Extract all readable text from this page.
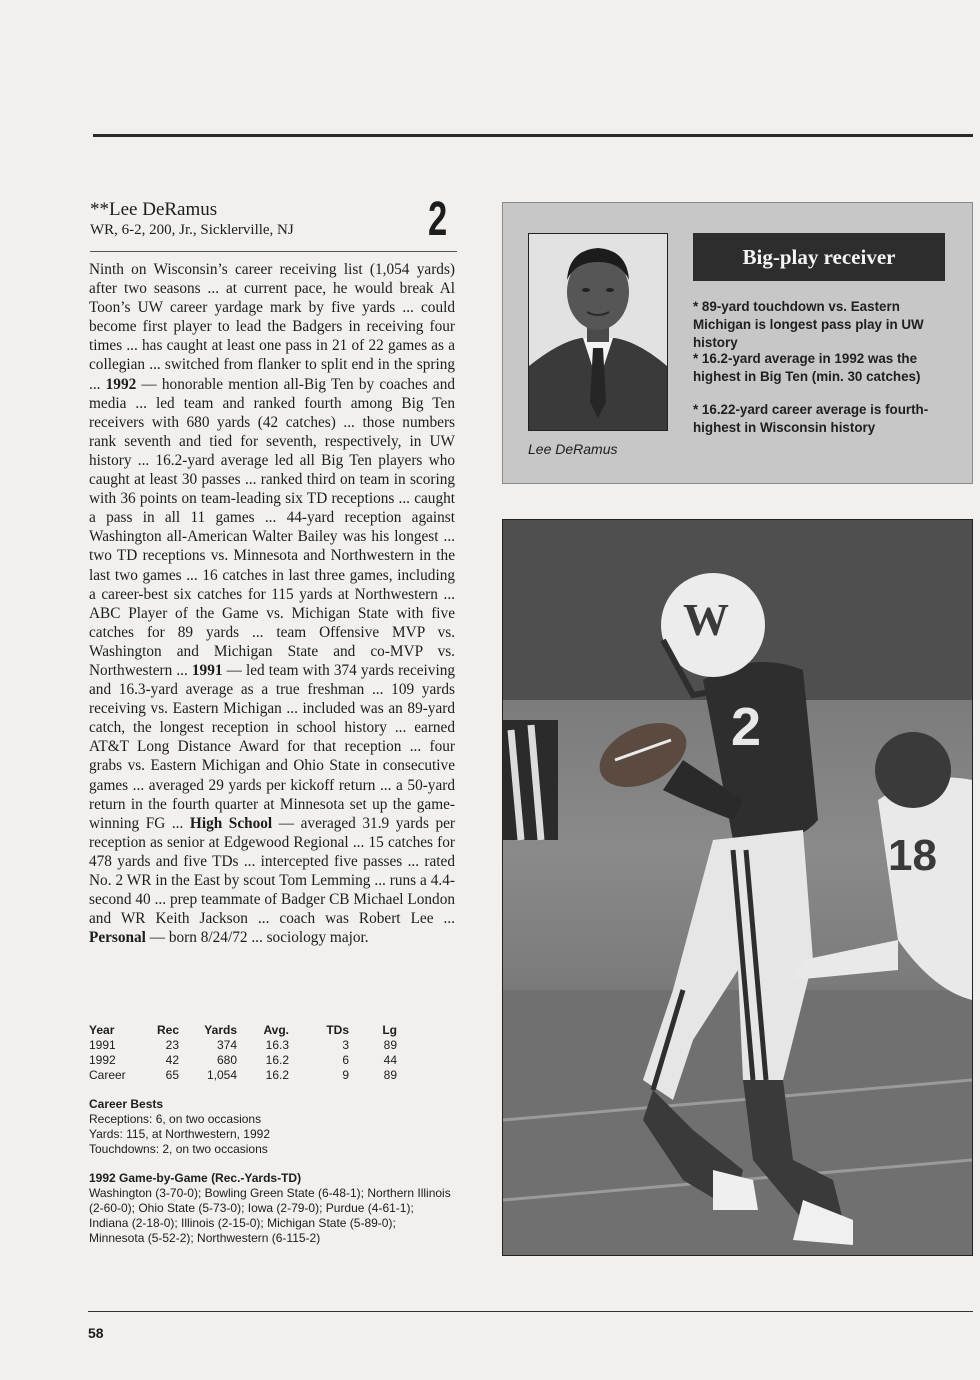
**Lee DeRamus
WR, 6-2, 200, Jr., Sicklerville, NJ	2

Ninth on Wisconsin’s career receiving list (1,054 yards) after two seasons ... at current pace, he would break Al Toon’s UW career yardage mark by five yards ... could become first player to lead the Badgers in receiving four times ... has caught at least one pass in 21 of 22 games as a collegian ... switched from flanker to split end in the spring ... 1992 — honorable mention all-Big Ten by coaches and media ... led team and ranked fourth among Big Ten receivers with 680 yards (42 catches) ... those numbers rank seventh and tied for seventh, respectively, in UW history ... 16.2-yard average led all Big Ten players who caught at least 30 passes ... ranked third on team in scoring with 36 points on team-leading six TD receptions ... caught a pass in all 11 games ... 44-yard reception against Washington all-American Walter Bailey was his longest ... two TD receptions vs. Minnesota and Northwestern in the last two games ... 16 catches in last three games, including a career-best six catches for 115 yards at Northwestern ... ABC Player of the Game vs. Michigan State with five catches for 89 yards ... team Offensive MVP vs. Washington and Michigan State and co-MVP vs. Northwestern ... 1991 — led team with 374 yards receiving and 16.3-yard average as a true freshman ... 109 yards receiving vs. Eastern Michigan ... included was an 89-yard catch, the longest reception in school history ... earned AT&T Long Distance Award for that reception ... four grabs vs. Eastern Michigan and Ohio State in consecutive games ... averaged 29 yards per kickoff return ... a 50-yard return in the fourth quarter at Minnesota set up the game-winning FG ... High School — averaged 31.9 yards per reception as senior at Edgewood Regional ... 15 catches for 478 yards and five TDs ... intercepted five passes ... rated No. 2 WR in the East by scout Tom Lemming ... runs a 4.4-second 40 ... prep teammate of Badger CB Michael London and WR Keith Jackson ... coach was Robert Lee ... Personal — born 8/24/72 ... sociology major.

Year	Rec	Yards	Avg.	TDs	Lg
1991	23	374	16.3	3	89
1992	42	680	16.2	6	44
Career	65	1,054	16.2	9	89
Career Bests
Receptions: 6, on two occasions
Yards: 115, at Northwestern, 1992
Touchdowns: 2, on two occasions
1992 Game-by-Game (Rec.-Yards-TD)

Washington (3-70-0); Bowling Green State (6-48-1); Northern Illinois (2-60-0); Ohio State (5-73-0); Iowa (2-79-0); Purdue (4-61-1); Indiana (2-18-0); Illinois (2-15-0); Michigan State (5-89-0); Minnesota (5-52-2); Northwestern (6-115-2)

Lee DeRamus
Big-play receiver

* 89-yard touchdown vs. Eastern Michigan is longest pass play in UW history

* 16.2-yard average in 1992 was the highest in Big Ten (min. 30 catches)

* 16.22-yard career average is fourth-highest in Wisconsin history

2
W
18
58
